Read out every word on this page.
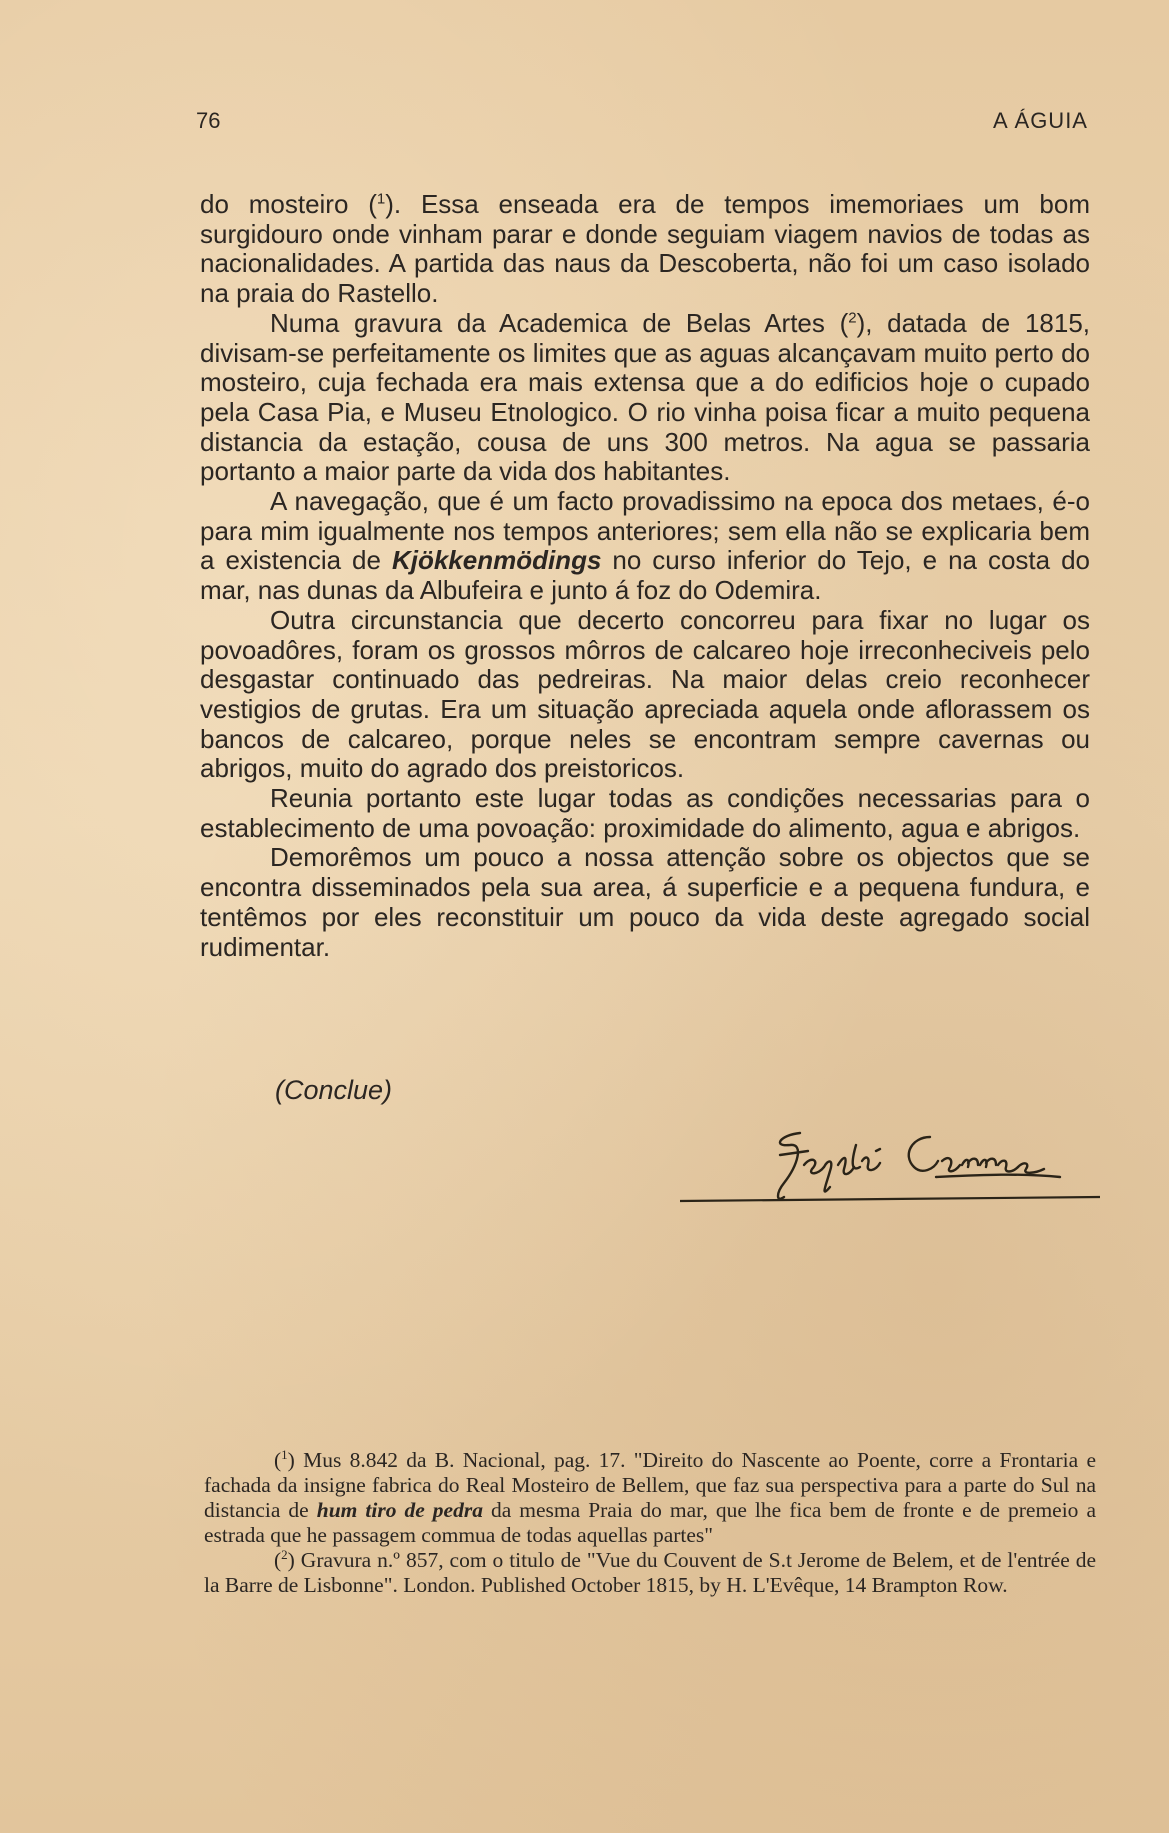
76	A ÁGUIA

do mosteiro ($^1$). Essa enseada era de tempos imemoriaes um bom surgidouro onde vinham parar e donde seguiam viagem navios de todas as nacionalidades. A partida das naus da Descoberta, não foi um caso isolado na praia do Rastello.

Numa gravura da Academica de Belas Artes ($^2$), datada de 1815, divisam-se perfeitamente os limites que as aguas alcançavam muito perto do mosteiro, cuja fechada era mais extensa que a do edificios hoje o cupado pela Casa Pia, e Museu Etnologico. O rio vinha poisa ficar a muito pequena distancia da estação, cousa de uns 300 metros. Na agua se passaria portanto a maior parte da vida dos habitantes.

A navegação, que é um facto provadissimo na epoca dos metaes, é-o para mim igualmente nos tempos anteriores; sem ella não se explicaria bem a existencia de Kjökkenmödings no curso inferior do Tejo, e na costa do mar, nas dunas da Albufeira e junto á foz do Odemira.

Outra circunstancia que decerto concorreu para fixar no lugar os povoadôres, foram os grossos môrros de calcareo hoje irreconheciveis pelo desgastar continuado das pedreiras. Na maior delas creio reconhecer vestigios de grutas. Era um situação apreciada aquela onde aflorassem os bancos de calcareo, porque neles se encontram sempre cavernas ou abrigos, muito do agrado dos preistoricos.

Reunia portanto este lugar todas as condições necessarias para o establecimento de uma povoação: proximidade do alimento, agua e abrigos.

Demorêmos um pouco a nossa attenção sobre os objectos que se encontra disseminados pela sua area, á superficie e a pequena fundura, e tentêmos por eles reconstituir um pouco da vida deste agregado social rudimentar.

(Conclue)

($^1$) Mus 8.842 da B. Nacional, pag. 17. "Direito do Nascente ao Poente, corre a Frontaria e fachada da insigne fabrica do Real Mosteiro de Bellem, que faz sua perspectiva para a parte do Sul na distancia de hum tiro de pedra da mesma Praia do mar, que lhe fica bem de fronte e de premeio a estrada que he passagem commua de todas aquellas partes"

($^2$) Gravura n.º 857, com o titulo de "Vue du Couvent de S.t Jerome de Belem, et de l'entrée de la Barre de Lisbonne". London. Published October 1815, by H. L'Evêque, 14 Brampton Row.
